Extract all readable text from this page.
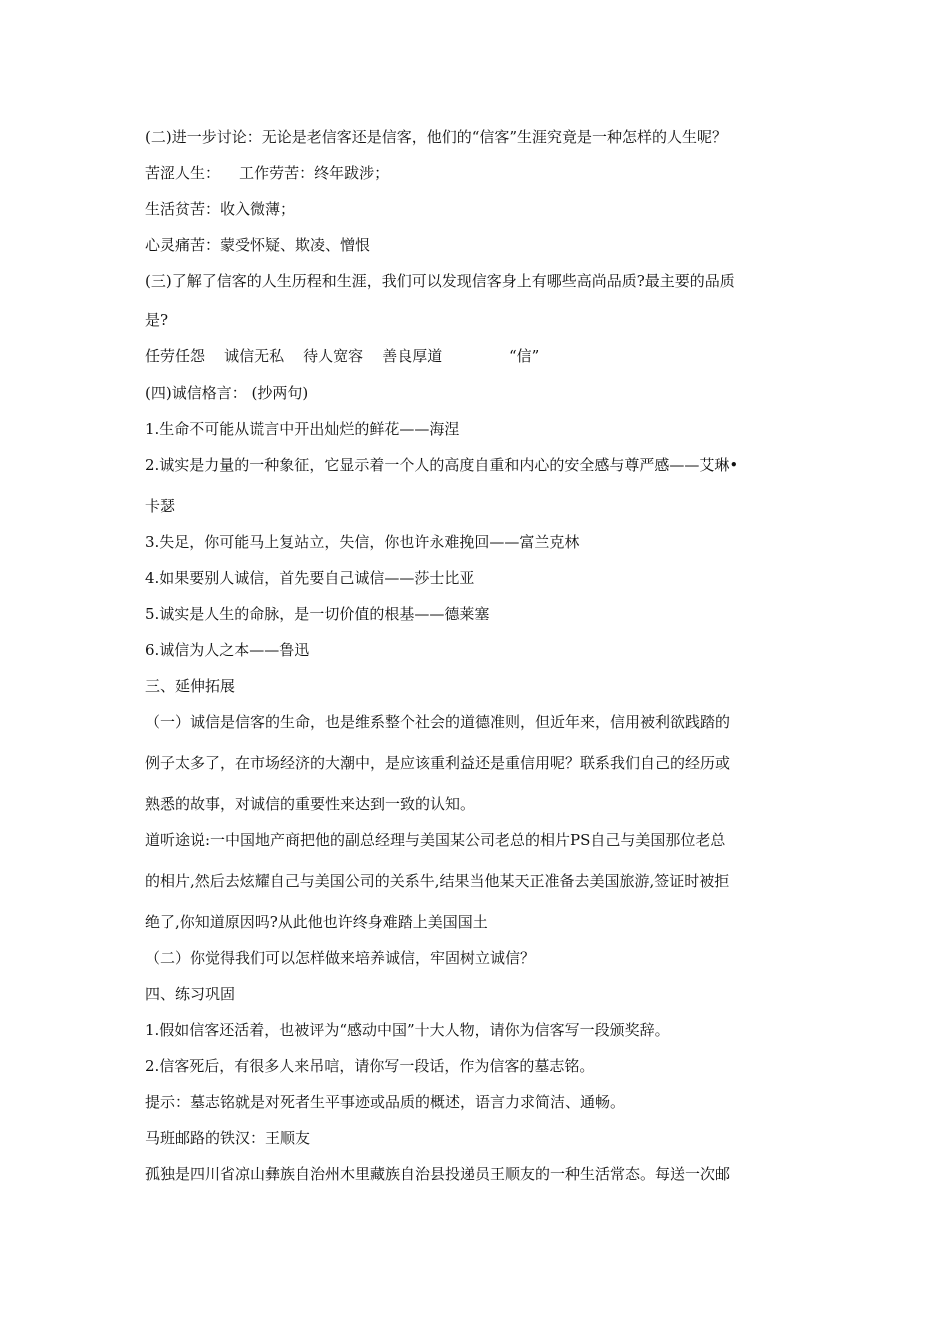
(二)进一步讨论：无论是老信客还是信客，他们的“信客”生涯究竟是一种怎样的人生呢？
苦涩人生：    工作劳苦：终年跋涉；
生活贫苦：收入微薄；
心灵痛苦：蒙受怀疑、欺凌、憎恨
(三)了解了信客的人生历程和生涯，我们可以发现信客身上有哪些高尚品质?最主要的品质
是?
任劳任怨    诚信无私    待人宽容    善良厚道              “信”
(四)诚信格言： (抄两句)
1.生命不可能从谎言中开出灿烂的鲜花——海涅
2.诚实是力量的一种象征，它显示着一个人的高度自重和内心的安全感与尊严感——艾琳•
卡瑟
3.失足，你可能马上复站立，失信，你也许永难挽回——富兰克林
4.如果要别人诚信，首先要自己诚信——莎士比亚
5.诚实是人生的命脉，是一切价值的根基——德莱塞
6.诚信为人之本——鲁迅
三、延伸拓展
（一）诚信是信客的生命，也是维系整个社会的道德准则，但近年来，信用被利欲践踏的
例子太多了，在市场经济的大潮中，是应该重利益还是重信用呢？联系我们自己的经历或
熟悉的故事，对诚信的重要性来达到一致的认知。
道听途说:一中国地产商把他的副总经理与美国某公司老总的相片PS自己与美国那位老总
的相片,然后去炫耀自己与美国公司的关系牛,结果当他某天正准备去美国旅游,签证时被拒
绝了,你知道原因吗?从此他也许终身难踏上美国国土
（二）你觉得我们可以怎样做来培养诚信，牢固树立诚信？
四、练习巩固
1.假如信客还活着，也被评为“感动中国”十大人物，请你为信客写一段颁奖辞。
2.信客死后，有很多人来吊唁，请你写一段话，作为信客的墓志铭。
提示：墓志铭就是对死者生平事迹或品质的概述，语言力求简洁、通畅。
马班邮路的铁汉：王顺友
孤独是四川省凉山彝族自治州木里藏族自治县投递员王顺友的一种生活常态。每送一次邮
